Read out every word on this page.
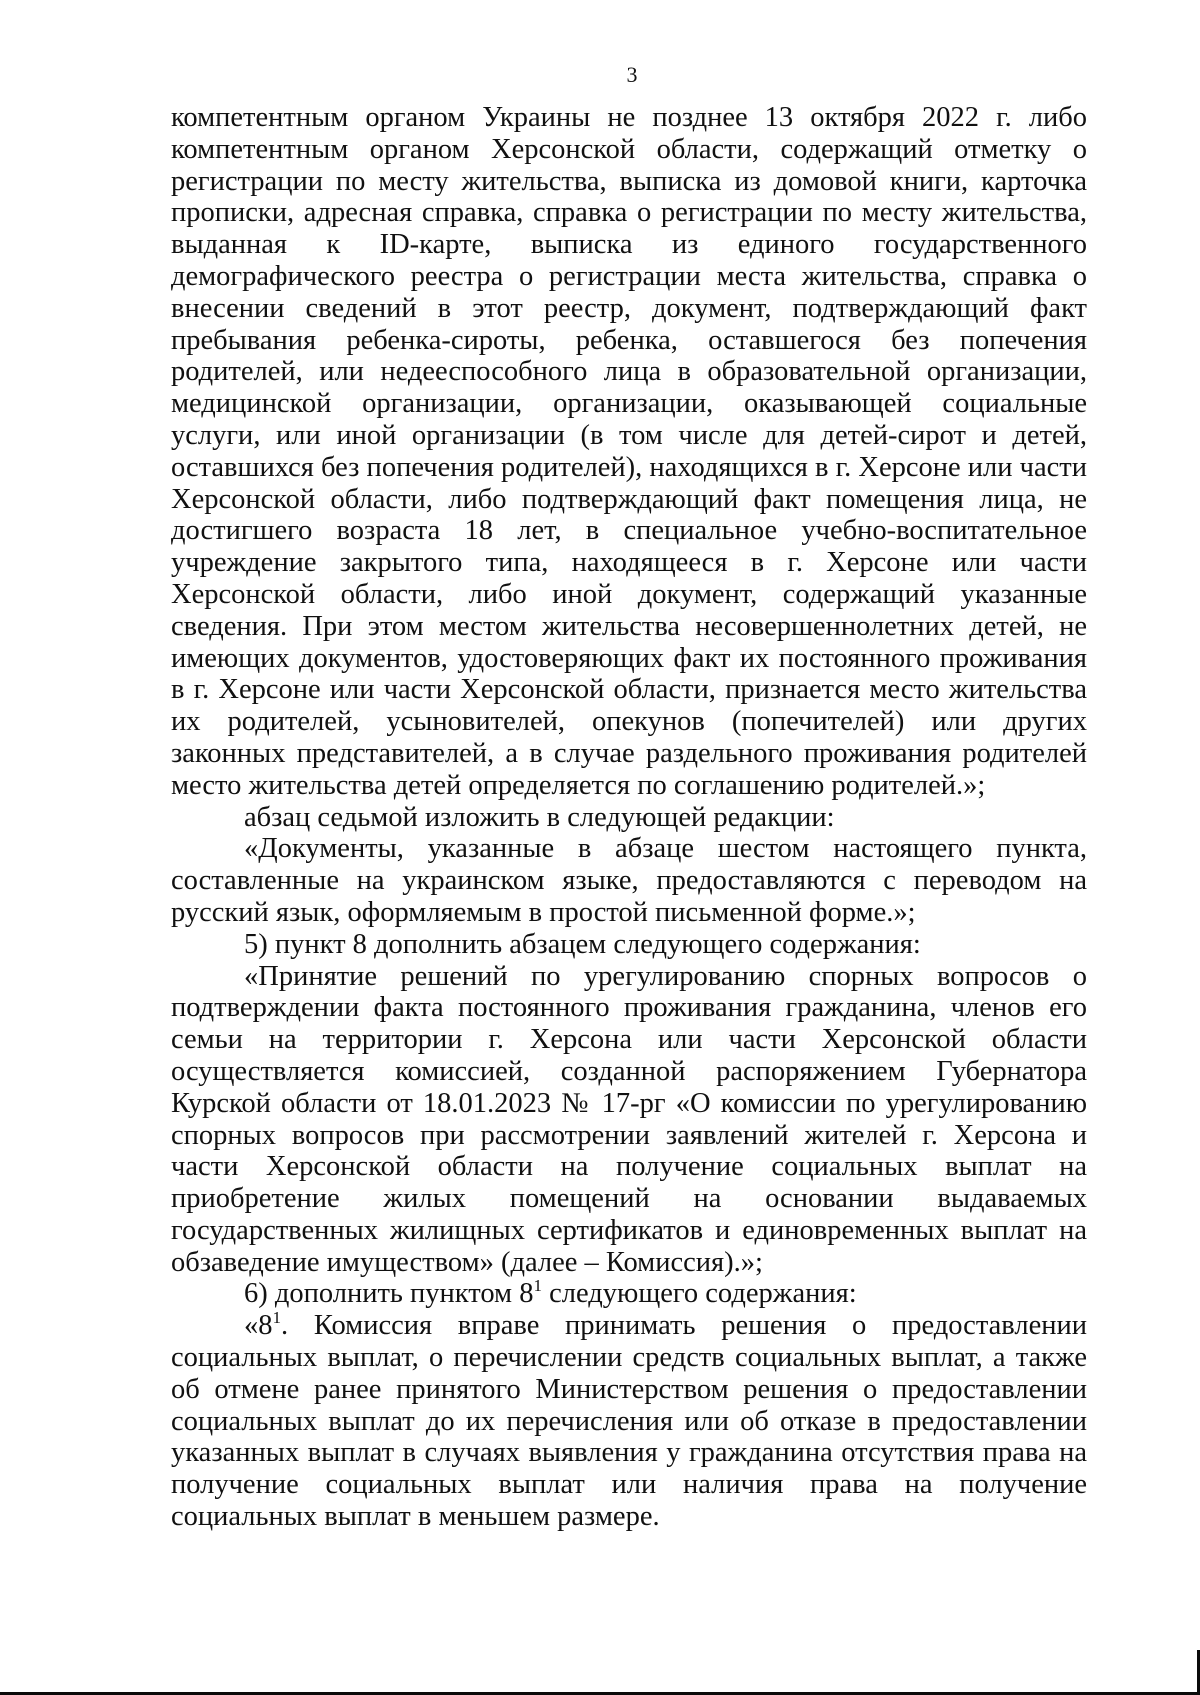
3

компетентным органом Украины не позднее 13 октября 2022 г. либо компетентным органом Херсонской области, содержащий отметку о регистрации по месту жительства, выписка из домовой книги, карточка прописки, адресная справка, справка о регистрации по месту жительства, выданная к ID-карте, выписка из единого государственного демографического реестра о регистрации места жительства, справка о внесении сведений в этот реестр, документ, подтверждающий факт пребывания ребенка-сироты, ребенка, оставшегося без попечения родителей, или недееспособного лица в образовательной организации, медицинской организации, организации, оказывающей социальные услуги, или иной организации (в том числе для детей-сирот и детей, оставшихся без попечения родителей), находящихся в г. Херсоне или части Херсонской области, либо подтверждающий факт помещения лица, не достигшего возраста 18 лет, в специальное учебно-воспитательное учреждение закрытого типа, находящееся в г. Херсоне или части Херсонской области, либо иной документ, содержащий указанные сведения. При этом местом жительства несовершеннолетних детей, не имеющих документов, удостоверяющих факт их постоянного проживания в г. Херсоне или части Херсонской области, признается место жительства их родителей, усыновителей, опекунов (попечителей) или других законных представителей, а в случае раздельного проживания родителей место жительства детей определяется по соглашению родителей.»;

абзац седьмой изложить в следующей редакции:

«Документы, указанные в абзаце шестом настоящего пункта, составленные на украинском языке, предоставляются с переводом на русский язык, оформляемым в простой письменной форме.»;

5) пункт 8 дополнить абзацем следующего содержания:

«Принятие решений по урегулированию спорных вопросов о подтверждении факта постоянного проживания гражданина, членов его семьи на территории г. Херсона или части Херсонской области осуществляется комиссией, созданной распоряжением Губернатора Курской области от 18.01.2023 № 17-рг «О комиссии по урегулированию спорных вопросов при рассмотрении заявлений жителей г. Херсона и части Херсонской области на получение социальных выплат на приобретение жилых помещений на основании выдаваемых государственных жилищных сертификатов и единовременных выплат на обзаведение имуществом» (далее – Комиссия).»;

6) дополнить пунктом $8^1$ следующего содержания:

«$8^1$. Комиссия вправе принимать решения о предоставлении социальных выплат, о перечислении средств социальных выплат, а также об отмене ранее принятого Министерством решения о предоставлении социальных выплат до их перечисления или об отказе в предоставлении указанных выплат в случаях выявления у гражданина отсутствия права на получение социальных выплат или наличия права на получение социальных выплат в меньшем размере.
